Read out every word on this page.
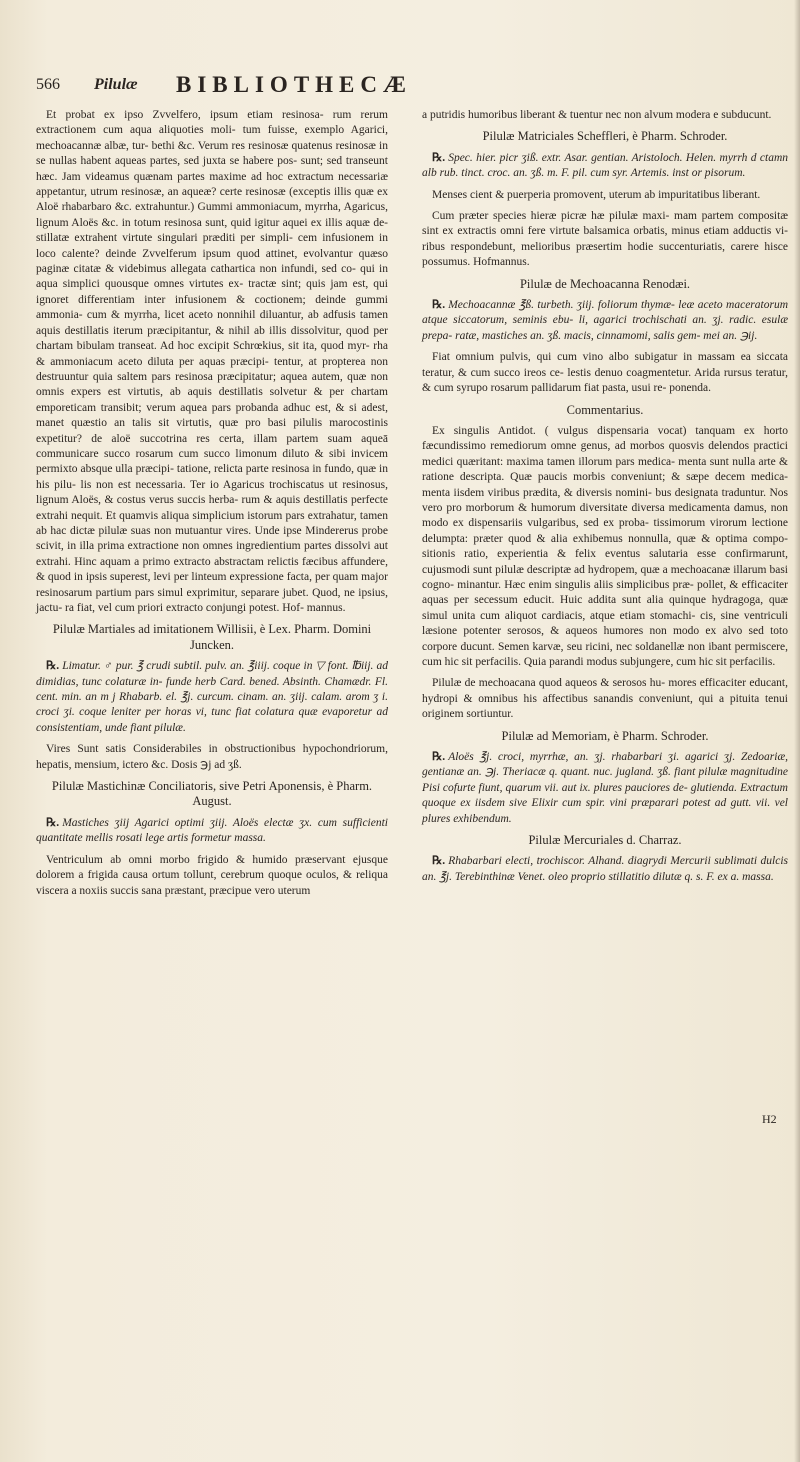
566 Pilulæ BIBLIOTHECÆ

Et probat ex ipso Zvvelfero, ipsum etiam resinosa- rum rerum extractionem cum aqua aliquoties moli- tum fuisse, exemplo Agarici, mechoacannæ albæ, tur- bethi &c. Verum res resinosæ quatenus resinosæ in se nullas habent aqueas partes, sed juxta se habere pos- sunt; sed transeunt hæc. Jam videamus quænam partes maxime ad hoc extractum necessariæ appetantur, utrum resinosæ, an aqueæ? certe resinosæ (exceptis illis quæ ex Aloë rhabarbaro &c. extrahuntur.) Gummi ammoniacum, myrrha, Agaricus, lignum Aloës &c. in totum resinosa sunt, quid igitur aquei ex illis aquæ de- stillatæ extrahent virtute singulari præditi per simpli- cem infusionem in loco calente? deinde Zvvelferum ipsum quod attinet, evolvantur quæso paginæ citatæ & videbimus allegata cathartica non infundi, sed co- qui in aqua simplici quousque omnes virtutes ex- tractæ sint; quis jam est, qui ignoret differentiam inter infusionem & coctionem; deinde gummi ammonia- cum & myrrha, licet aceto nonnihil diluantur, ab adfusis tamen aquis destillatis iterum præcipitantur, & nihil ab illis dissolvitur, quod per chartam bibulam transeat. Ad hoc excipit Schrœkius, sit ita, quod myr- rha & ammoniacum aceto diluta per aquas præcipi- tentur, at propterea non destruuntur quia saltem pars resinosa præcipitatur; aquea autem, quæ non omnis expers est virtutis, ab aquis destillatis solvetur & per chartam emporeticam transibit; verum aquea pars probanda adhuc est, & si adest, manet quæstio an talis sit virtutis, quæ pro basi pilulis marocostinis expetitur? de aloë succotrina res certa, illam partem suam aqueā communicare succo rosarum cum succo limonum diluto & sibi invicem permixto absque ulla præcipi- tatione, relicta parte resinosa in fundo, quæ in his pilu- lis non est necessaria. Ter io Agaricus trochiscatus ut resinosus, lignum Aloës, & costus verus succis herba- rum & aquis destillatis perfecte extrahi nequit. Et quamvis aliqua simplicium istorum pars extrahatur, tamen ab hac dictæ pilulæ suas non mutuantur vires. Unde ipse Mindererus probe scivit, in illa prima extractione non omnes ingredientium partes dissolvi aut extrahi. Hinc aquam a primo extracto abstractam relictis fæcibus affundere, & quod in ipsis superest, levi per linteum expressione facta, per quam major resinosarum partium pars simul exprimitur, separare jubet. Quod, ne ipsius, jactu- ra fiat, vel cum priori extracto conjungi potest. Hof- mannus.

Pilulæ Martiales ad imitationem Willisii, è Lex. Pharm. Domini Juncken.

℞. Limatur. ♂ pur. ℥ crudi subtil. pulv. an. ℥iiij. coque in ▽ font. ℔iij. ad dimidias, tunc colaturæ in- funde herb Card. bened. Absinth. Chamædr. Fl. cent. min. an m j Rhabarb. el. ℥j. curcum. cinam. an. ʒiij. calam. arom ʒ i. croci ʒi. coque leniter per horas vi, tunc fiat colatura quæ evaporetur ad consistentiam, unde fiant pilulæ.

Vires Sunt satis Considerabiles in obstructionibus hypochondriorum, hepatis, mensium, ictero &c. Dosis ℈j ad ʒß.

Pilulæ Mastichinæ Conciliatoris, sive Petri Aponensis, è Pharm. August.

℞. Mastiches ʒiij Agarici optimi ʒiij. Aloës electæ ʒx. cum sufficienti quantitate mellis rosati lege artis formetur massa.

Ventriculum ab omni morbo frigido & humido præservant ejusque dolorem a frigida causa ortum tollunt, cerebrum quoque oculos, & reliqua viscera a noxiis succis sana præstant, præcipue vero uterum

a putridis humoribus liberant & tuentur nec non alvum modera e subducunt.

Pilulæ Matriciales Scheffleri, è Pharm. Schroder.

℞. Spec. hier. picr ʒiß. extr. Asar. gentian. Aristoloch. Helen. myrrh d ctamn alb rub. tinct. croc. an. ʒß. m. F. pil. cum syr. Artemis. inst or pisorum.

Menses cient & puerperia promovent, uterum ab impuritatibus liberant.

Cum præter species hieræ picræ hæ pilulæ maxi- mam partem compositæ sint ex extractis omni fere virtute balsamica orbatis, minus etiam adductis vi- ribus respondebunt, melioribus præsertim hodie succenturiatis, carere hisce possumus. Hofmannus.

Pilulæ de Mechoacanna Renodæi.

℞. Mechoacannæ ℥ß. turbeth. ʒiij. foliorum thymæ- leæ aceto maceratorum atque siccatorum, seminis ebu- li, agarici trochischati an. ʒj. radic. esulæ prepa- ratæ, mastiches an. ʒß. macis, cinnamomi, salis gem- mei an. ℈ij.

Fiat omnium pulvis, qui cum vino albo subigatur in massam ea siccata teratur, & cum succo ireos ce- lestis denuo coagmentetur. Arida rursus teratur, & cum syrupo rosarum pallidarum fiat pasta, usui re- ponenda.

Commentarius.

Ex singulis Antidot. ( vulgus dispensaria vocat) tanquam ex horto fæcundissimo remediorum omne genus, ad morbos quosvis delendos practici medici quæritant: maxima tamen illorum pars medica- menta sunt nulla arte & ratione descripta. Quæ paucis morbis conveniunt; & sæpe decem medica- menta iisdem viribus prædita, & diversis nomini- bus designata traduntur. Nos vero pro morborum & humorum diversitate diversa medicamenta damus, non modo ex dispensariis vulgaribus, sed ex proba- tissimorum virorum lectione delumpta: præter quod & alia exhibemus nonnulla, quæ & optima compo- sitionis ratio, experientia & felix eventus salutaria esse confirmarunt, cujusmodi sunt pilulæ descriptæ ad hydropem, quæ a mechoacanæ illarum basi cogno- minantur. Hæc enim singulis aliis simplicibus præ- pollet, & efficaciter aquas per secessum educit. Huic addita sunt alia quinque hydragoga, quæ simul unita cum aliquot cardiacis, atque etiam stomachi- cis, sine ventriculi læsione potenter serosos, & aqueos humores non modo ex alvo sed toto corpore ducunt. Semen karvæ, seu ricini, nec soldanellæ non ibant permiscere, cum hic sit perfacilis. Quia parandi modus subjungere, cum hic sit perfacilis.

Pilulæ de mechoacana quod aqueos & serosos hu- mores efficaciter educant, hydropi & omnibus his affectibus sanandis conveniunt, qui a pituita tenui originem sortiuntur.

Pilulæ ad Memoriam, è Pharm. Schroder.

℞. Aloës ℥j. croci, myrrhæ, an. ʒj. rhabarbari ʒi. agarici ʒj. Zedoariæ, gentianæ an. ℈j. Theriacæ q. quant. nuc. jugland. ʒß. fiant pilulæ magnitudine Pisi cofurte fiunt, quarum vii. aut ix. plures pauciores de- glutienda. Extractum quoque ex iisdem sive Elixir cum spir. vini præparari potest ad gutt. vii. vel plures exhibendum.

Pilulæ Mercuriales d. Charraz.

℞. Rhabarbari electi, trochiscor. Alhand. diagrydi Mercurii sublimati dulcis an. ℥j. Terebinthinæ Venet. oleo proprio stillatitio dilutæ q. s. F. ex a. massa.

H2
